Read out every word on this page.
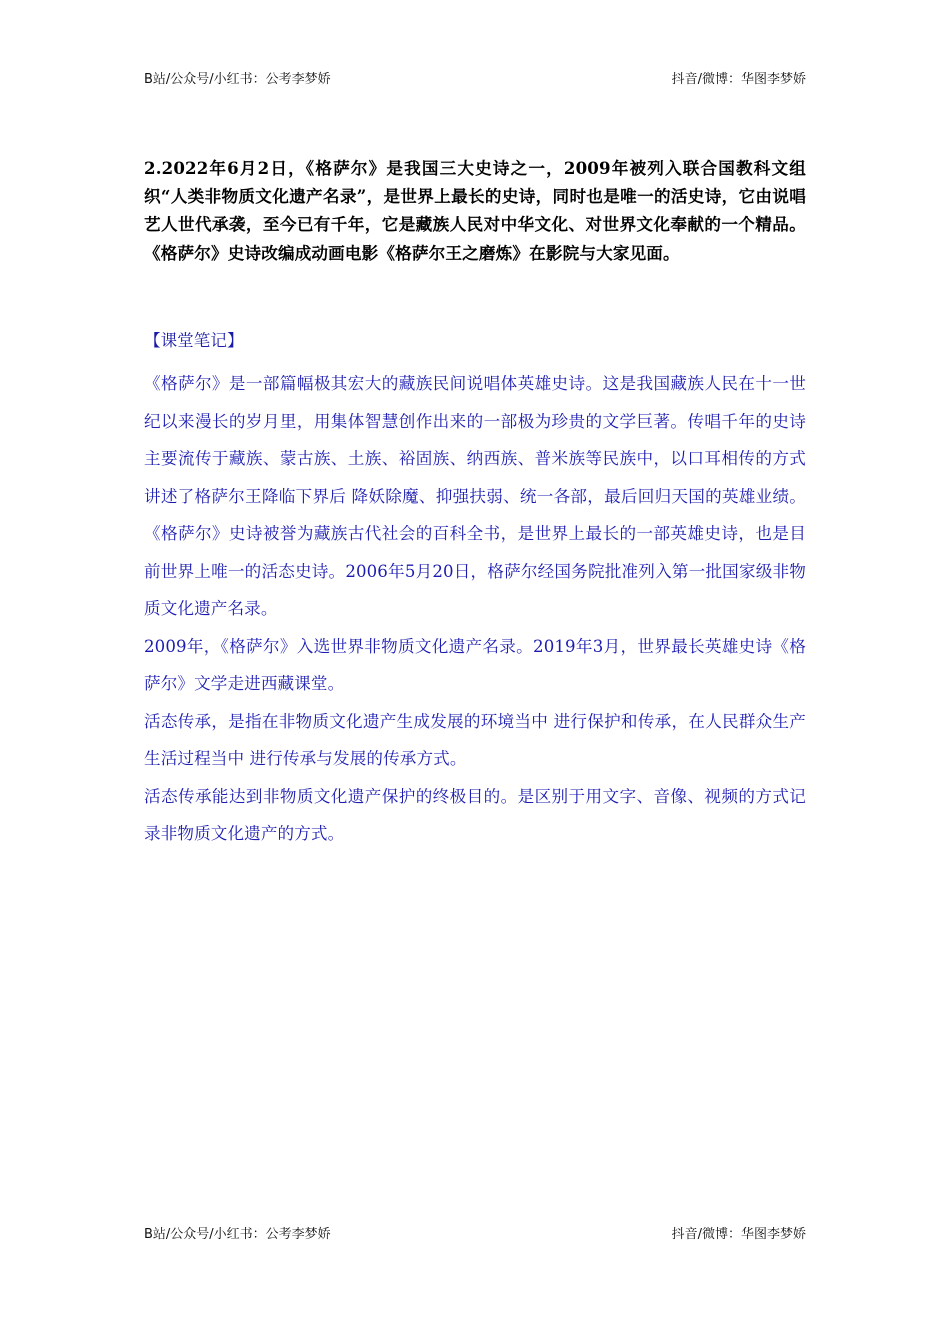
B站/公众号/小红书：公考李梦娇	抖音/微博：华图李梦娇
2.2022年6月2日，《格萨尔》是我国三大史诗之一，2009年被列入联合国教科文组织“人类非物质文化遗产名录”，是世界上最长的史诗，同时也是唯一的活史诗，它由说唱艺人世代承袭，至今已有千年，它是藏族人民对中华文化、对世界文化奉献的一个精品。《格萨尔》史诗改编成动画电影《格萨尔王之磨炼》在影院与大家见面。
【课堂笔记】

《格萨尔》是一部篇幅极其宏大的藏族民间说唱体英雄史诗。这是我国藏族人民在十一世纪以来漫长的岁月里，用集体智慧创作出来的一部极为珍贵的文学巨著。传唱千年的史诗主要流传于藏族、蒙古族、土族、裕固族、纳西族、普米族等民族中，以口耳相传的方式讲述了格萨尔王降临下界后 降妖除魔、抑强扶弱、统一各部，最后回归天国的英雄业绩。《格萨尔》史诗被誉为藏族古代社会的百科全书，是世界上最长的一部英雄史诗，也是目前世界上唯一的活态史诗。2006年5月20日，格萨尔经国务院批准列入第一批国家级非物质文化遗产名录。

2009年，《格萨尔》入选世界非物质文化遗产名录。2019年3月，世界最长英雄史诗《格萨尔》文学走进西藏课堂。

活态传承，是指在非物质文化遗产生成发展的环境当中 进行保护和传承，在人民群众生产生活过程当中 进行传承与发展的传承方式。

活态传承能达到非物质文化遗产保护的终极目的。是区别于用文字、音像、视频的方式记录非物质文化遗产的方式。

B站/公众号/小红书：公考李梦娇	抖音/微博：华图李梦娇
